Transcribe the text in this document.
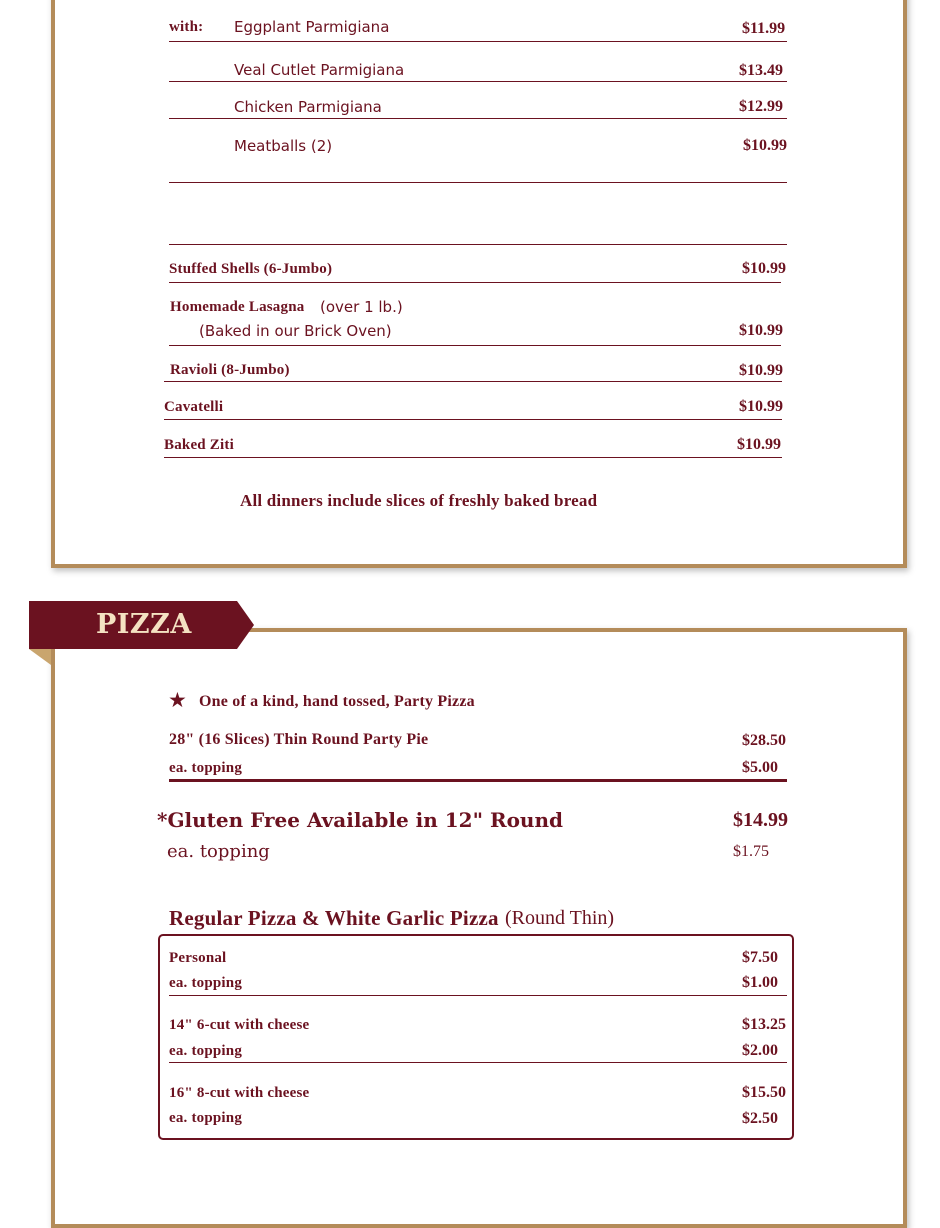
with: Eggplant Parmigiana	$11.99
Veal Cutlet Parmigiana	$13.49
Chicken Parmigiana	$12.99
Meatballs (2)	$10.99
Stuffed Shells (6-Jumbo)	$10.99
Homemade Lasagna (over 1 lb.)
(Baked in our Brick Oven)	$10.99
Ravioli (8-Jumbo)	$10.99
Cavatelli	$10.99
Baked Ziti	$10.99
All dinners include slices of freshly baked bread
PIZZA
★ One of a kind, hand tossed, Party Pizza
28" (16 Slices) Thin Round Party Pie	$28.50
ea. topping	$5.00
*Gluten Free Available in 12" Round	$14.99
ea. topping	$1.75
Regular Pizza & White Garlic Pizza (Round Thin)
Personal	$7.50
ea. topping	$1.00
14" 6-cut with cheese	$13.25
ea. topping	$2.00
16" 8-cut with cheese	$15.50
ea. topping	$2.50
